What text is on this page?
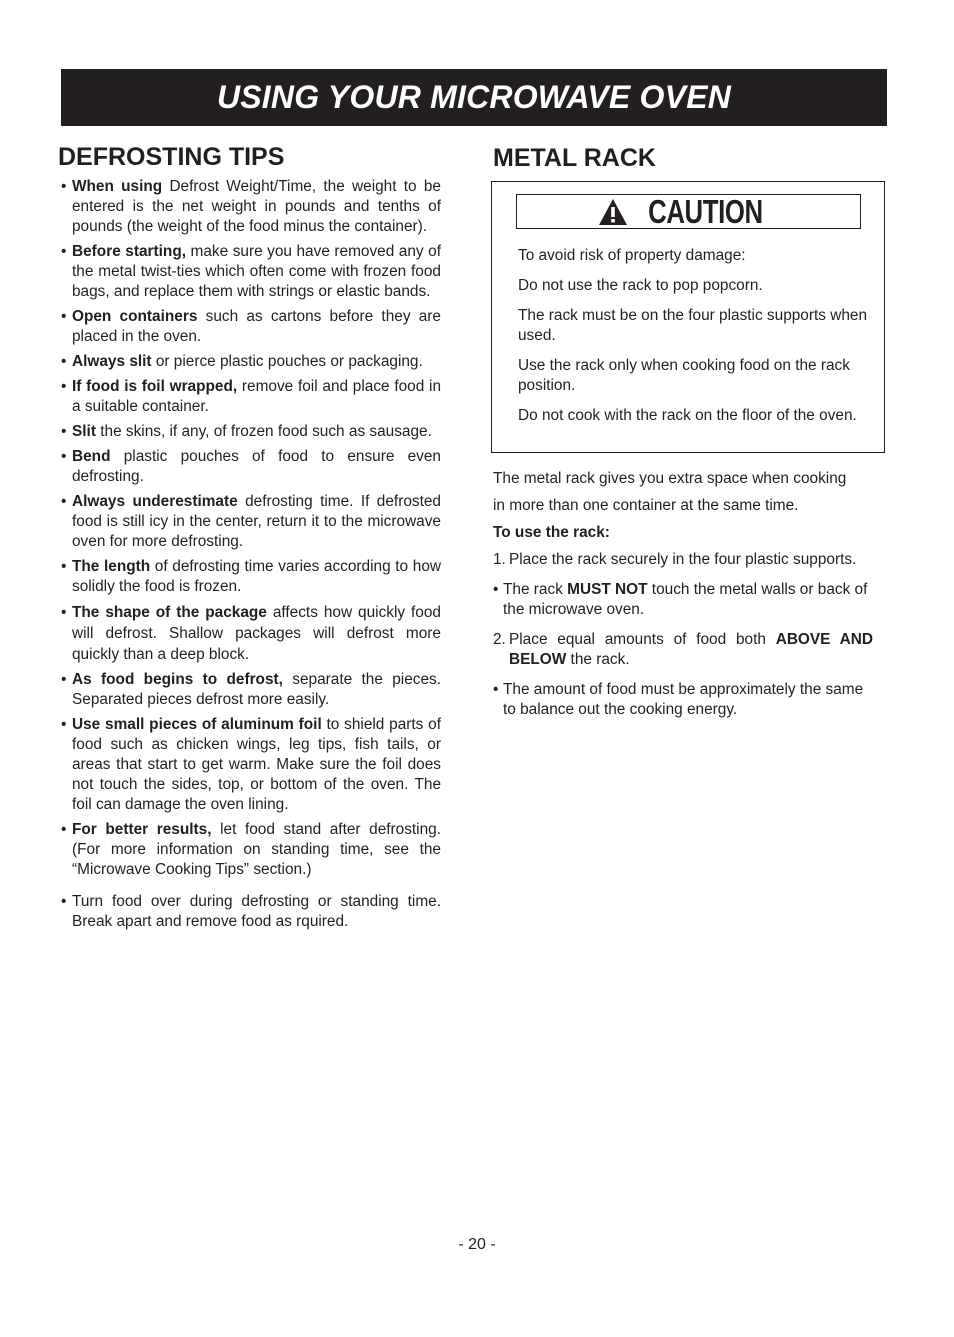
USING YOUR MICROWAVE OVEN
DEFROSTING TIPS	METAL RACK
• When using Defrost Weight/Time, the weight to be entered is the net weight in pounds and tenths of pounds (the weight of the food minus the container).
• Before starting, make sure you have removed any of the metal twist-ties which often come with frozen food bags, and replace them with strings or elastic bands.
• Open containers such as cartons before they are placed in the oven.
• Always slit or pierce plastic pouches or packaging.
• If food is foil wrapped, remove foil and place food in a suitable container.
• Slit the skins, if any, of frozen food such as sausage.
• Bend plastic pouches of food to ensure even defrosting.
• Always underestimate defrosting time. If defrosted food is still icy in the center, return it to the microwave oven for more defrosting.
• The length of defrosting time varies according to how solidly the food is frozen.
• The shape of the package affects how quickly food will defrost. Shallow packages will defrost more quickly than a deep block.
• As food begins to defrost, separate the pieces. Separated pieces defrost more easily.
• Use small pieces of aluminum foil to shield parts of food such as chicken wings, leg tips, fish tails, or areas that start to get warm. Make sure the foil does not touch the sides, top, or bottom of the oven. The foil can damage the oven lining.
• For better results, let food stand after defrosting. (For more information on standing time, see the “Microwave Cooking Tips” section.)
• Turn food over during defrosting or standing time. Break apart and remove food as rquired.
CAUTION
To avoid risk of property damage:
Do not use the rack to pop popcorn.
The rack must be on the four plastic supports when used.
Use the rack only when cooking food on the rack position.
Do not cook with the rack on the floor of the oven.
The metal rack gives you extra space when cooking
in more than one container at the same time.
To use the rack:
1. Place the rack securely in the four plastic supports.
• The rack MUST NOT touch the metal walls or back of the microwave oven.
2. Place equal amounts of food both ABOVE AND BELOW the rack.
• The amount of food must be approximately the same to balance out the cooking energy.
- 20 -
